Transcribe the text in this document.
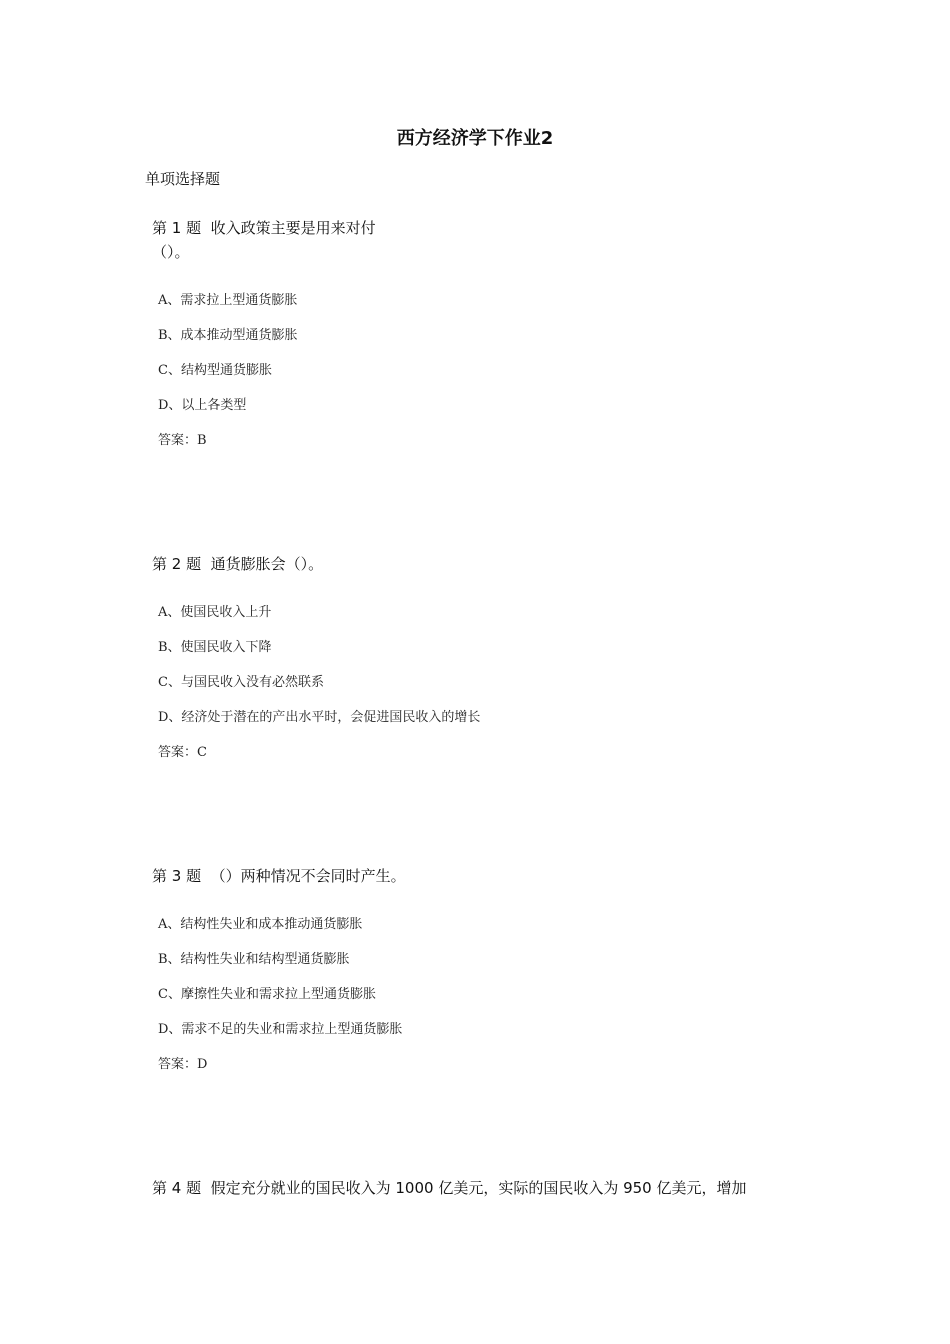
西方经济学下作业2
单项选择题
第 1 题  收入政策主要是用来对付
（）。
A、需求拉上型通货膨胀
B、成本推动型通货膨胀
C、结构型通货膨胀
D、以上各类型
答案：B
第 2 题  通货膨胀会（）。
A、使国民收入上升
B、使国民收入下降
C、与国民收入没有必然联系
D、经济处于潜在的产出水平时，会促进国民收入的增长
答案：C
第 3 题  （）两种情况不会同时产生。
A、结构性失业和成本推动通货膨胀
B、结构性失业和结构型通货膨胀
C、摩擦性失业和需求拉上型通货膨胀
D、需求不足的失业和需求拉上型通货膨胀
答案：D
第 4 题  假定充分就业的国民收入为 1000 亿美元，实际的国民收入为 950 亿美元，增加
